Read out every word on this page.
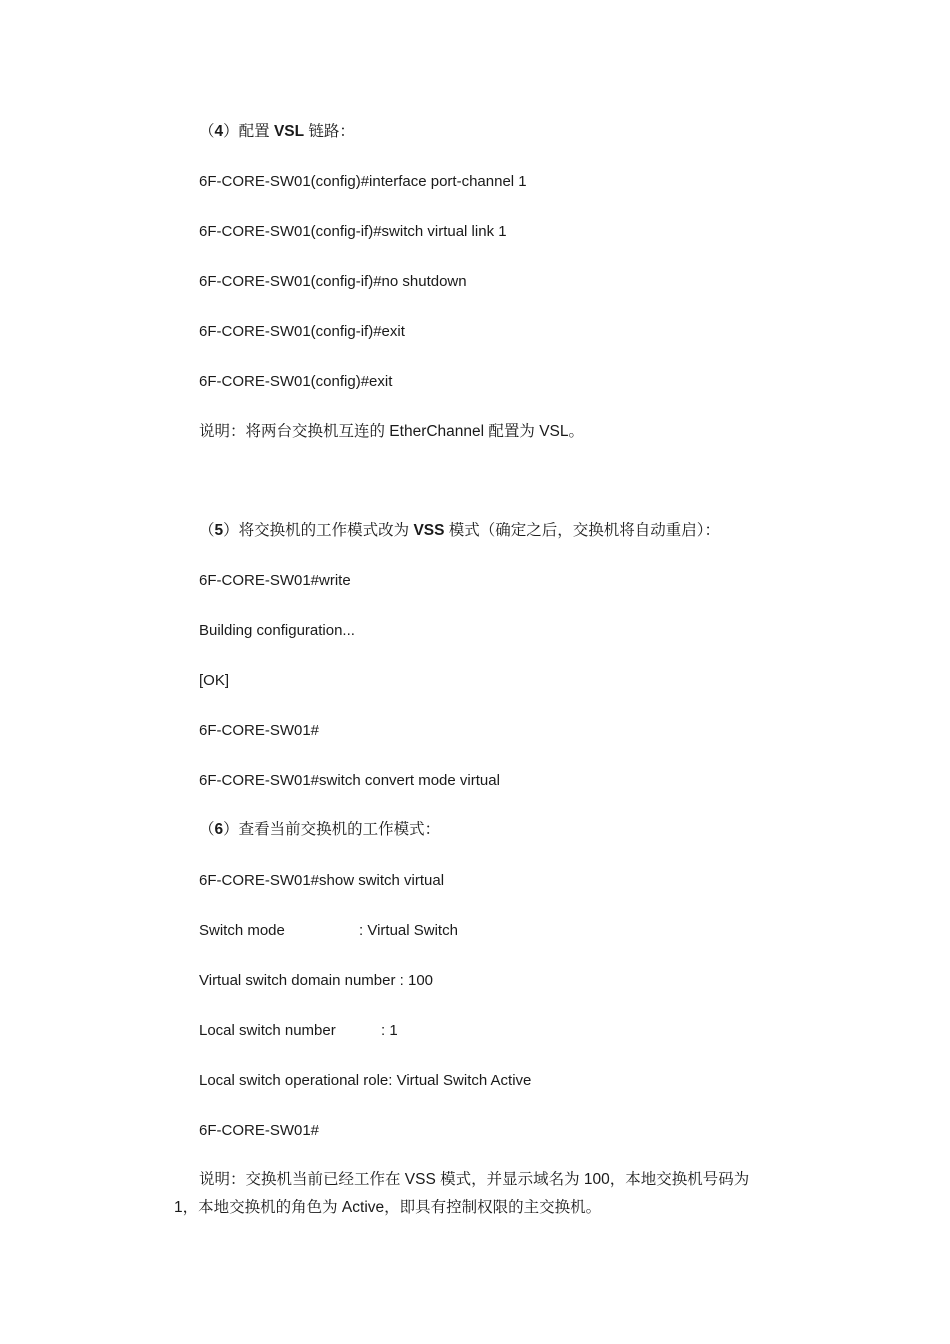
（4）配置 VSL 链路：
6F-CORE-SW01(config)#interface port-channel 1
6F-CORE-SW01(config-if)#switch virtual link 1
6F-CORE-SW01(config-if)#no shutdown
6F-CORE-SW01(config-if)#exit
6F-CORE-SW01(config)#exit
说明：将两台交换机互连的 EtherChannel 配置为 VSL。
（5）将交换机的工作模式改为 VSS 模式（确定之后，交换机将自动重启）：
6F-CORE-SW01#write
Building configuration...
[OK]
6F-CORE-SW01#
6F-CORE-SW01#switch convert mode virtual
（6）查看当前交换机的工作模式：
6F-CORE-SW01#show switch virtual
Switch mode	: Virtual Switch
Virtual switch domain number : 100
Local switch number	: 1
Local switch operational role: Virtual Switch Active
6F-CORE-SW01#
说明：交换机当前已经工作在 VSS 模式，并显示域名为 100，本地交换机号码为
1，本地交换机的角色为 Active，即具有控制权限的主交换机。
